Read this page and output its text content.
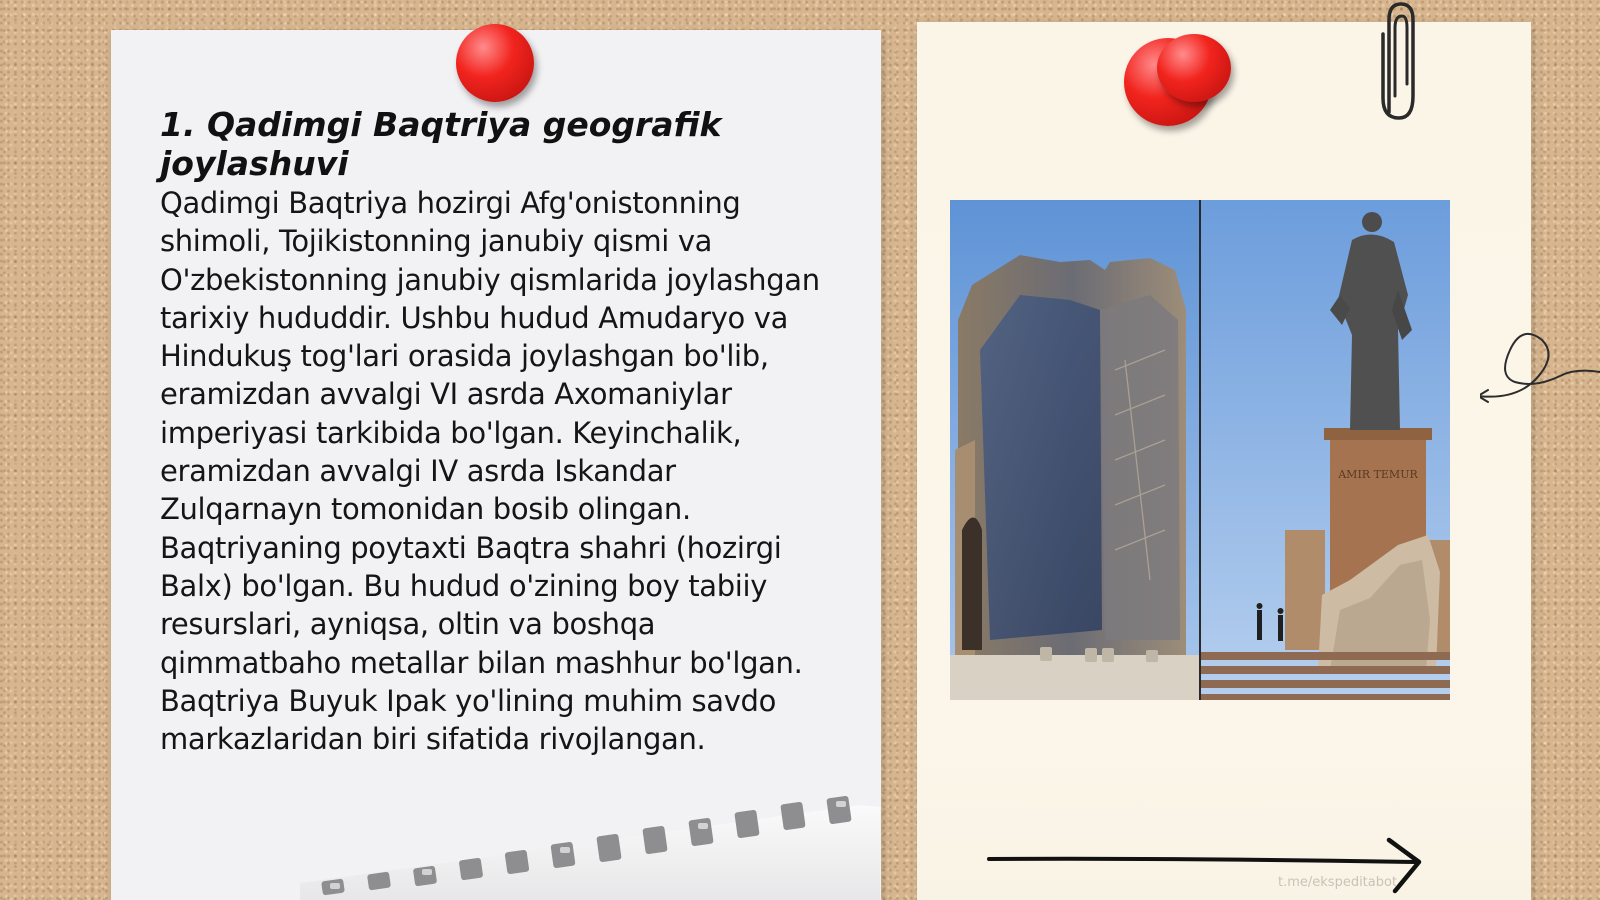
1. Qadimgi Baqtriya geografik joylashuvi

Qadimgi Baqtriya hozirgi Afg'onistonning shimoli, Tojikistonning janubiy qismi va O'zbekistonning janubiy qismlarida joylashgan tarixiy hududdir. Ushbu hudud Amudaryo va Hindukuş tog'lari orasida joylashgan bo'lib, eramizdan avvalgi VI asrda Axomaniylar imperiyasi tarkibida bo'lgan. Keyinchalik, eramizdan avvalgi IV asrda Iskandar Zulqarnayn tomonidan bosib olingan. Baqtriyaning poytaxti Baqtra shahri (hozirgi Balx) bo'lgan. Bu hudud o'zining boy tabiiy resurslari, ayniqsa, oltin va boshqa qimmatbaho metallar bilan mashhur bo'lgan. Baqtriya Buyuk Ipak yo'lining muhim savdo markazlaridan biri sifatida rivojlangan.

AMIR TEMUR
t.me/ekspeditabot
